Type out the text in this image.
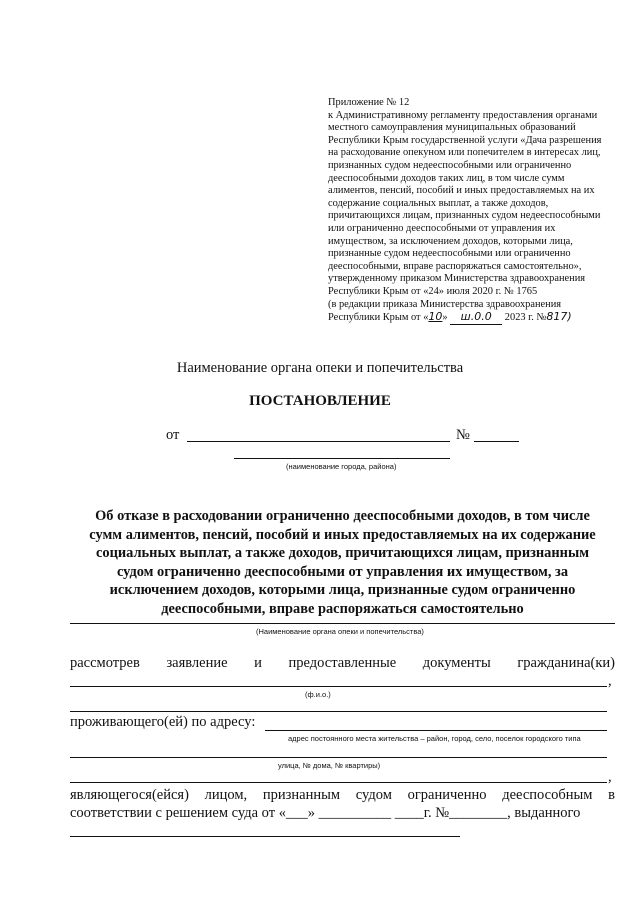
Приложение № 12
к Административному регламенту предоставления органами
местного самоуправления муниципальных образований
Республики Крым государственной услуги «Дача разрешения
на расходование опекуном или попечителем в интересах лиц,
признанных судом недееспособными или ограниченно
дееспособными доходов таких лиц, в том числе сумм
алиментов, пенсий, пособий и иных предоставляемых на их
содержание социальных выплат, а также доходов,
причитающихся лицам, признанных судом недееспособными
или ограниченно дееспособными от управления их
имуществом, за исключением доходов, которыми лица,
признанные судом недееспособными или ограниченно
дееспособными, вправе распоряжаться самостоятельно»,
утвержденному приказом Министерства здравоохранения
Республики Крым от «24» июля 2020 г. № 1765
(в редакции приказа Министерства здравоохранения
Республики Крым от «10» ш.0.0 2023 г. №817)
Наименование органа опеки и попечительства
ПОСТАНОВЛЕНИЕ
от	№
(наименование города, района)
Об отказе в расходовании ограниченно дееспособными доходов, в том числе
сумм алиментов, пенсий, пособий и иных предоставляемых на их содержание
социальных выплат, а также доходов, причитающихся лицам, признанным
судом ограниченно дееспособными от управления их имуществом, за
исключением доходов, которыми лица, признанные судом ограниченно
дееспособными, вправе распоряжаться самостоятельно
(Наименование органа опеки и попечительства)
рассмотрев заявление и предоставленные документы гражданина(ки)
,
(ф.и.о.)
проживающего(ей) по адресу:
адрес постоянного места жительства – район, город, село, поселок городского типа
улица, № дома, № квартиры)
,
являющегося(ейся) лицом, признанным судом ограниченно дееспособным в
соответствии с решением суда от «___» __________ ____г. №________, выданного
